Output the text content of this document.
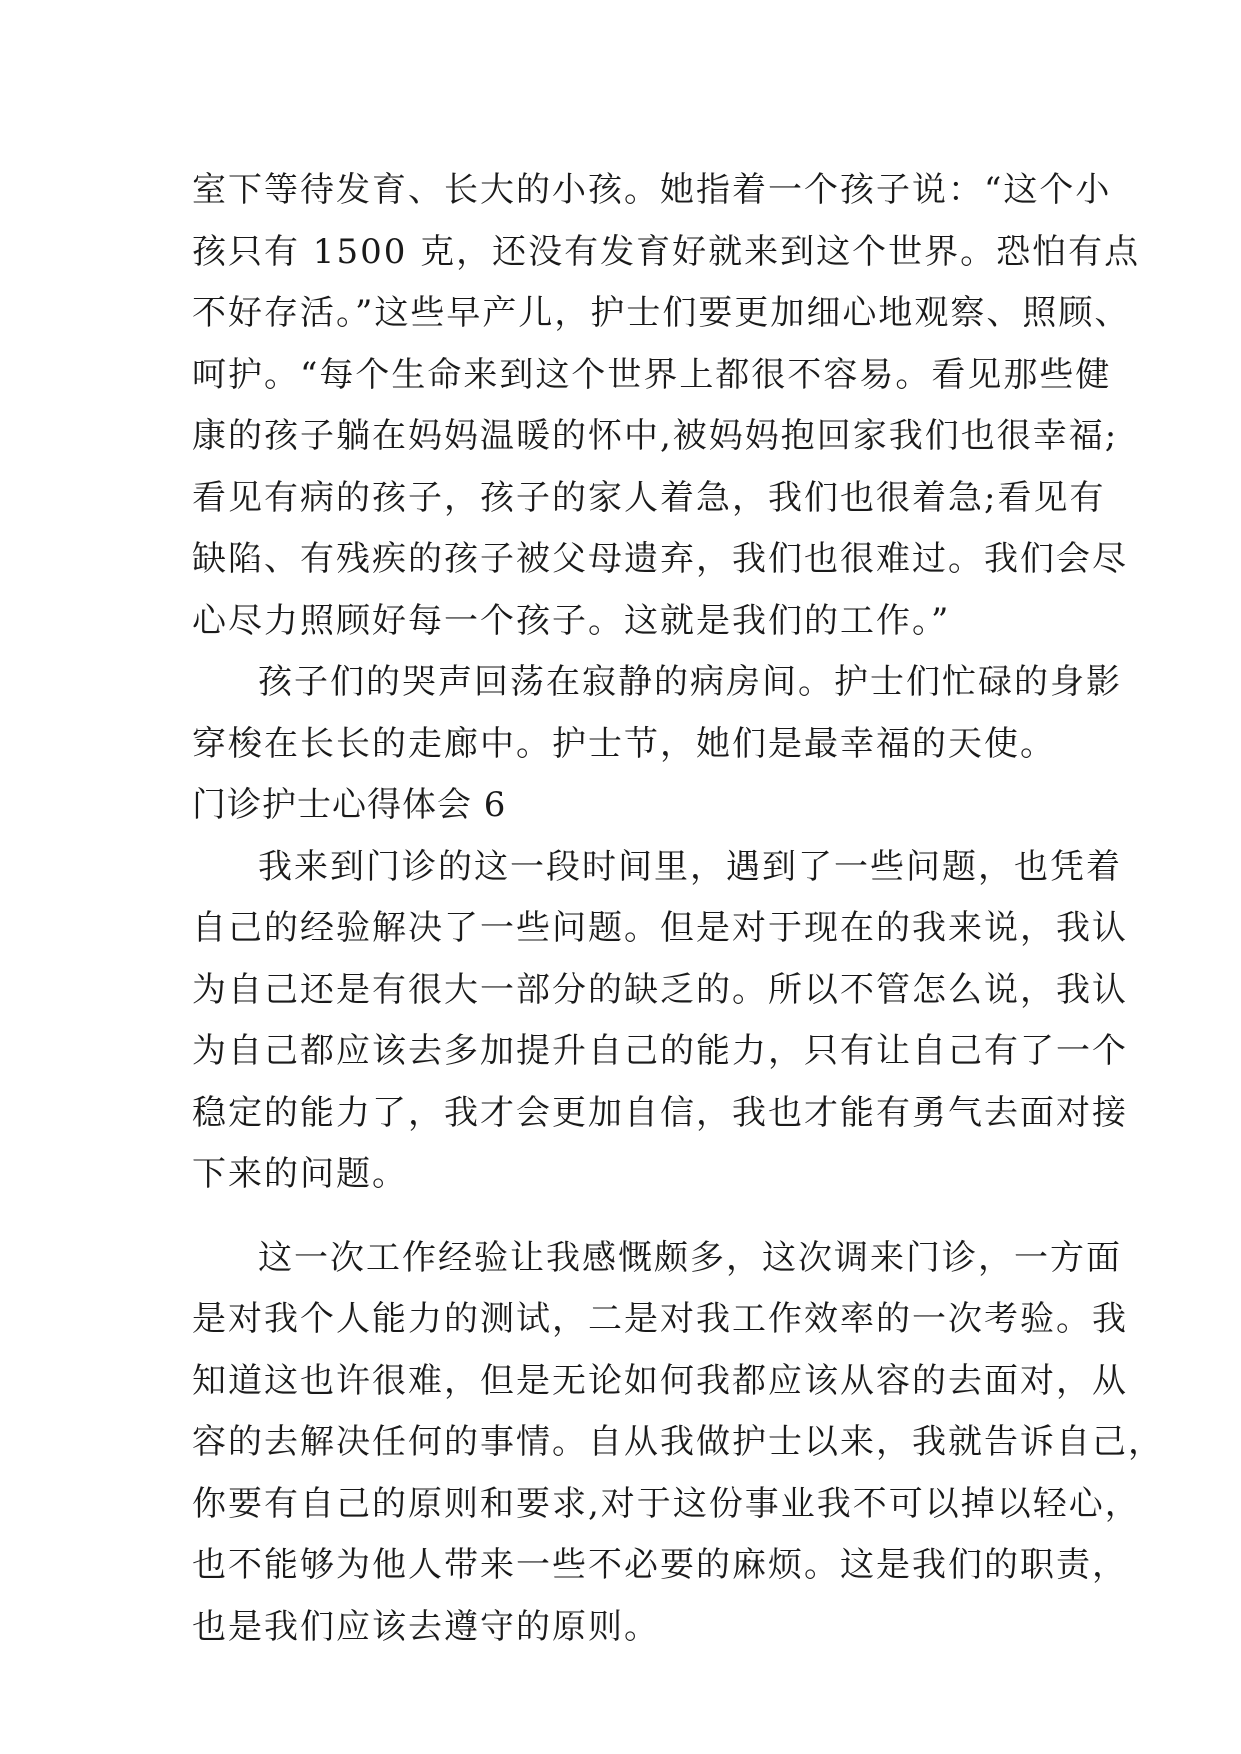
室下等待发育、长大的小孩。她指着一个孩子说：“这个小
孩只有 1500 克，还没有发育好就来到这个世界。恐怕有点
不好存活。”这些早产儿，护士们要更加细心地观察、照顾、
呵护。“每个生命来到这个世界上都很不容易。看见那些健
康的孩子躺在妈妈温暖的怀中,被妈妈抱回家我们也很幸福;
看见有病的孩子，孩子的家人着急，我们也很着急;看见有
缺陷、有残疾的孩子被父母遗弃，我们也很难过。我们会尽
心尽力照顾好每一个孩子。这就是我们的工作。”
孩子们的哭声回荡在寂静的病房间。护士们忙碌的身影
穿梭在长长的走廊中。护士节，她们是最幸福的天使。
门诊护士心得体会 6
我来到门诊的这一段时间里，遇到了一些问题，也凭着
自己的经验解决了一些问题。但是对于现在的我来说，我认
为自己还是有很大一部分的缺乏的。所以不管怎么说，我认
为自己都应该去多加提升自己的能力，只有让自己有了一个
稳定的能力了，我才会更加自信，我也才能有勇气去面对接
下来的问题。
这一次工作经验让我感慨颇多，这次调来门诊，一方面
是对我个人能力的测试，二是对我工作效率的一次考验。我
知道这也许很难，但是无论如何我都应该从容的去面对，从
容的去解决任何的事情。自从我做护士以来，我就告诉自己，
你要有自己的原则和要求,对于这份事业我不可以掉以轻心，
也不能够为他人带来一些不必要的麻烦。这是我们的职责，
也是我们应该去遵守的原则。
